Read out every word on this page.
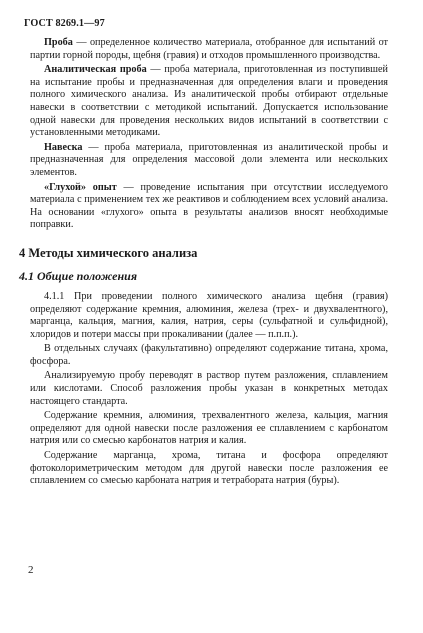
ГОСТ 8269.1—97

Проба — определенное количество материала, отобранное для испытаний от партии горной породы, щебня (гравия) и отходов промышленного производства.

Аналитическая проба — проба материала, приготовленная из поступившей на испытание пробы и предназначенная для определения влаги и проведения полного химического анализа. Из аналитической пробы отбирают отдельные навески в соответствии с методикой испытаний. Допускается использование одной навески для проведения нескольких видов испытаний в соответствии с установленными методиками.

Навеска — проба материала, приготовленная из аналитической пробы и предназначенная для определения массовой доли элемента или нескольких элементов.

«Глухой» опыт — проведение испытания при отсутствии исследуемого материала с применением тех же реактивов и соблюдением всех условий анализа. На основании «глухого» опыта в результаты анализов вносят необходимые поправки.

4 Методы химического анализа
4.1 Общие положения

4.1.1 При проведении полного химического анализа щебня (гравия) определяют содержание кремния, алюминия, железа (трех- и двухвалентного), марганца, кальция, магния, калия, натрия, серы (сульфатной и сульфидной), хлоридов и потери массы при прокаливании (далее — п.п.п.).

В отдельных случаях (факультативно) определяют содержание титана, хрома, фосфора.

Анализируемую пробу переводят в раствор путем разложения, сплавлением или кислотами. Способ разложения пробы указан в конкретных методах настоящего стандарта.

Содержание кремния, алюминия, трехвалентного железа, кальция, магния определяют для одной навески после разложения ее сплавлением с карбонатом натрия или со смесью карбонатов натрия и калия.

Содержание марганца, хрома, титана и фосфора определяют фотоколориметрическим методом для другой навески после разложения ее сплавлением со смесью карбоната натрия и тетрабората натрия (буры).

2
